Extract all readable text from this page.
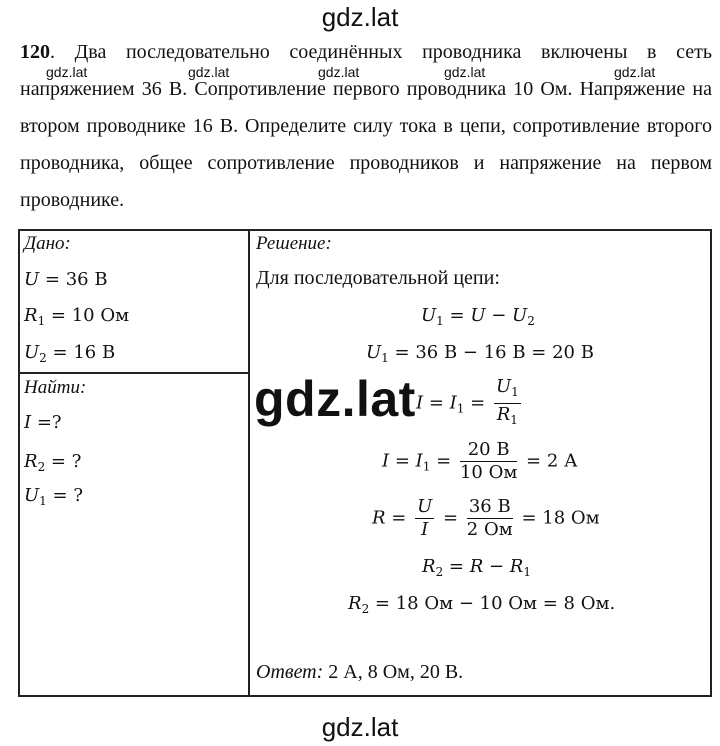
gdz.lat
gdz.lat	gdz.lat	gdz.lat	gdz.lat	gdz.lat
120. Два последовательно соединённых проводника включены в сеть напряжением 36 В. Сопротивление первого проводника 10 Ом. Напряжение на втором проводнике 16 В. Определите силу тока в цепи, сопротивление второго проводника, общее сопротивление проводников и напряжение на первом проводнике.
Дано:
U = 36 В
$R_1 = 10$ Ом
$U_2 = 16$ В
Найти:
I =?
$R_2$ = ?
$U_1$ = ?
Решение:
Для последовательной цепи:
$U_1 = U - U_2$
$U_1 = 36$ В − 16 В = 20 В
$I = I_1 = \frac{U_1}{R_1}$
$I = I_1 = \frac{20 В}{10 Ом} = 2$ А
$R = \frac{U}{I} = \frac{36 В}{2 Ом} = 18$ Ом
$R_2 = R - R_1$
$R_2 = 18$ Ом − 10 Ом = 8 Ом.
Ответ: 2 А, 8 Ом, 20 В.
gdz.lat
gdz.lat
